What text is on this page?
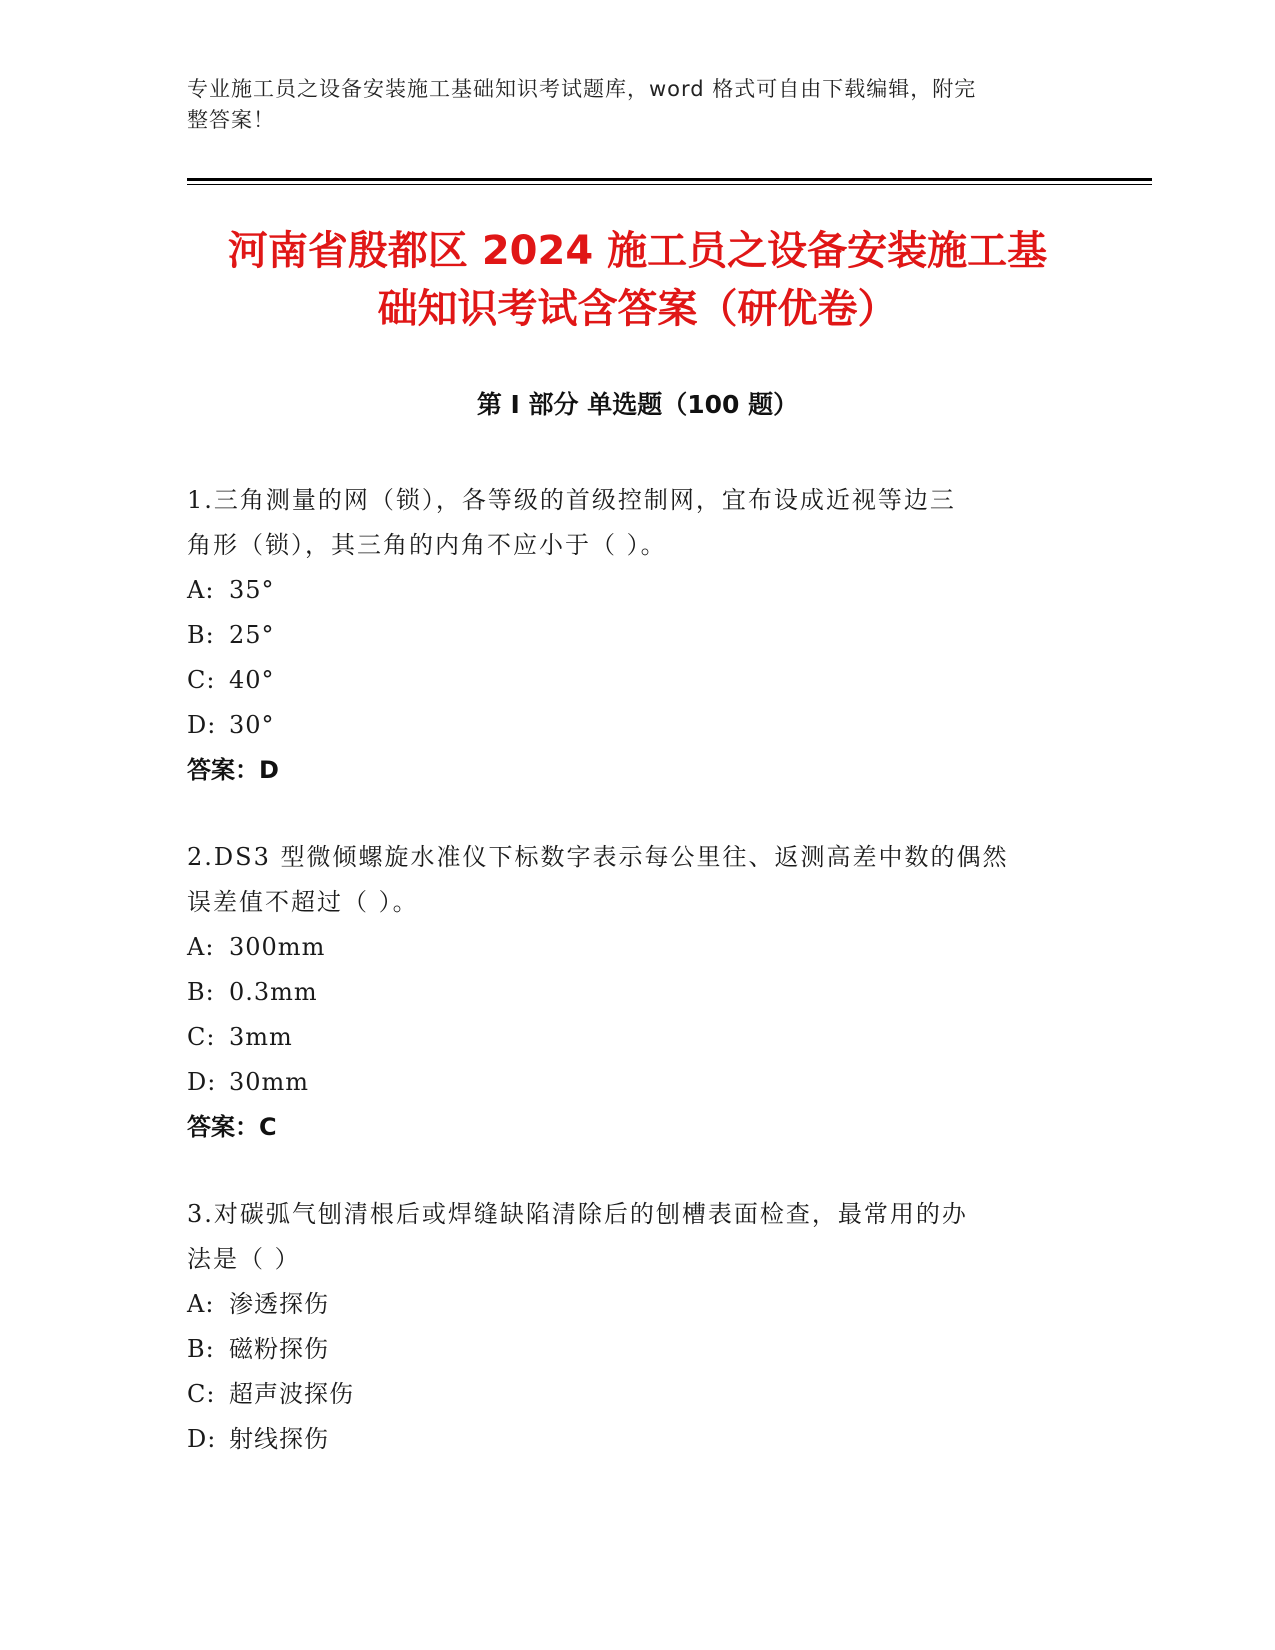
专业施工员之设备安装施工基础知识考试题库，word 格式可自由下载编辑，附完
整答案！
河南省殷都区 2024 施工员之设备安装施工基
础知识考试含答案（研优卷）
第 I 部分 单选题（100 题）

1.三角测量的网（锁），各等级的首级控制网，宜布设成近视等边三
角形（锁），其三角的内角不应小于（ ）。

A: 35°
B: 25°
C: 40°
D: 30°
答案：D

2.DS3 型微倾螺旋水准仪下标数字表示每公里往、返测高差中数的偶然
误差值不超过（ ）。

A: 300mm
B: 0.3mm
C: 3mm
D: 30mm
答案：C

3.对碳弧气刨清根后或焊缝缺陷清除后的刨槽表面检查，最常用的办
法是（ ）

A: 渗透探伤
B: 磁粉探伤
C: 超声波探伤
D: 射线探伤
